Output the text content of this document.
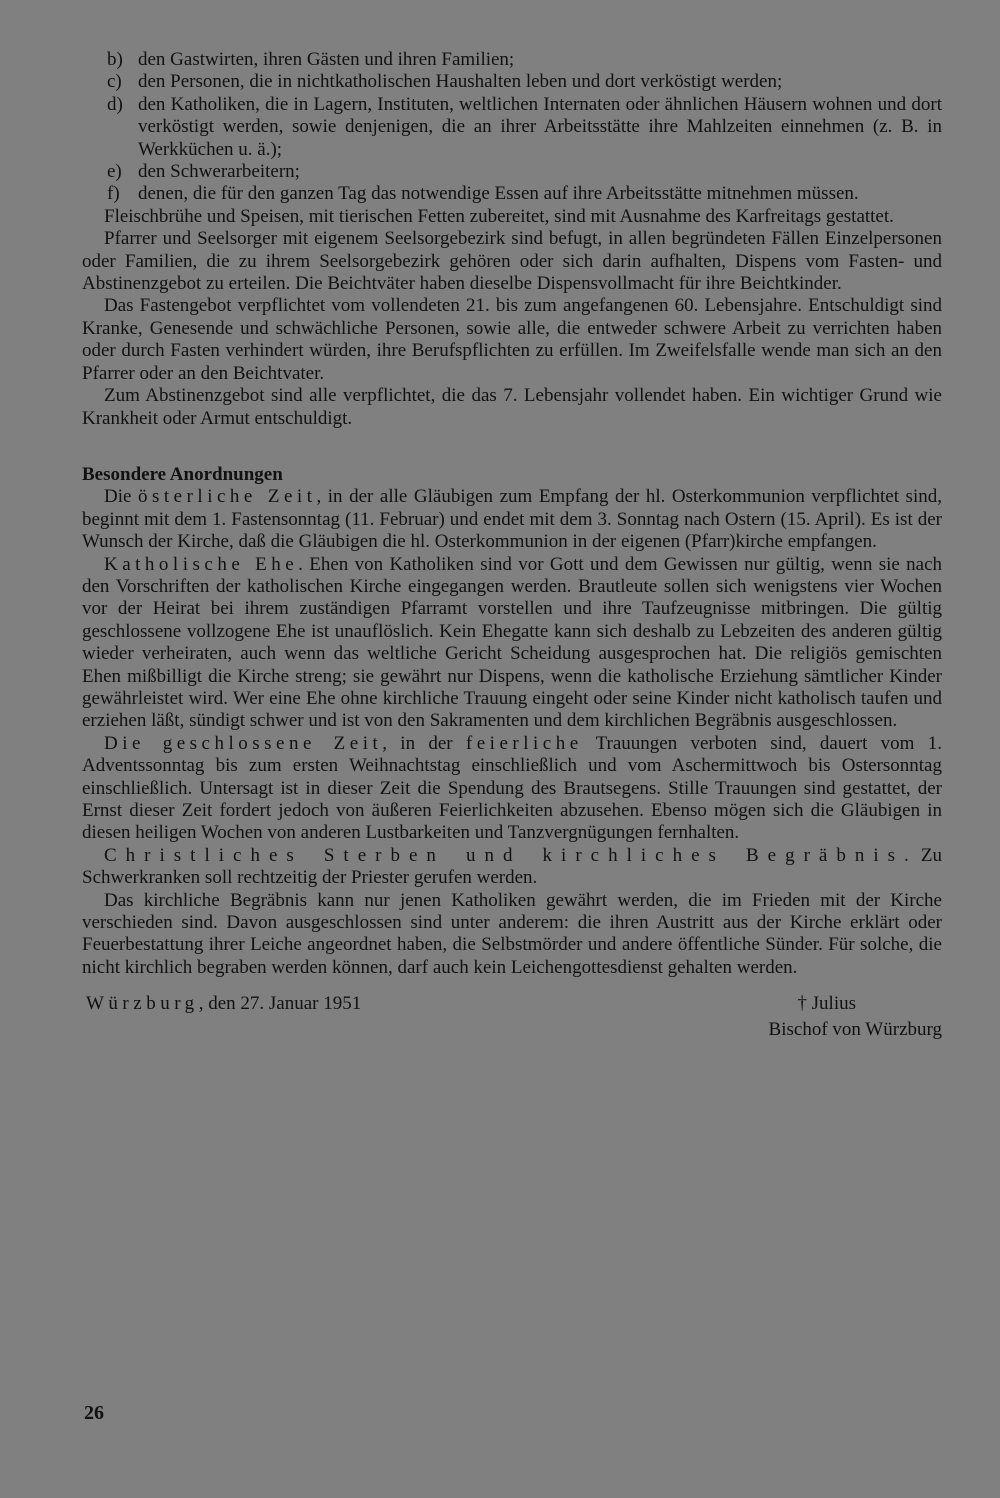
b) den Gastwirten, ihren Gästen und ihren Familien;
c) den Personen, die in nichtkatholischen Haushalten leben und dort verköstigt werden;
d) den Katholiken, die in Lagern, Instituten, weltlichen Internaten oder ähnlichen Häusern wohnen und dort verköstigt werden, sowie denjenigen, die an ihrer Arbeitsstätte ihre Mahlzeiten einnehmen (z. B. in Werkküchen u. ä.);
e) den Schwerarbeitern;
f) denen, die für den ganzen Tag das notwendige Essen auf ihre Arbeitsstätte mitnehmen müssen.

Fleischbrühe und Speisen, mit tierischen Fetten zubereitet, sind mit Ausnahme des Karfreitags gestattet.

Pfarrer und Seelsorger mit eigenem Seelsorgebezirk sind befugt, in allen begründeten Fällen Einzelpersonen oder Familien, die zu ihrem Seelsorgebezirk gehören oder sich darin aufhalten, Dispens vom Fasten- und Abstinenzgebot zu erteilen. Die Beichtväter haben dieselbe Dispensvollmacht für ihre Beichtkinder.

Das Fastengebot verpflichtet vom vollendeten 21. bis zum angefangenen 60. Lebensjahre. Entschuldigt sind Kranke, Genesende und schwächliche Personen, sowie alle, die entweder schwere Arbeit zu verrichten haben oder durch Fasten verhindert würden, ihre Berufspflichten zu erfüllen. Im Zweifelsfalle wende man sich an den Pfarrer oder an den Beichtvater.

Zum Abstinenzgebot sind alle verpflichtet, die das 7. Lebensjahr vollendet haben. Ein wichtiger Grund wie Krankheit oder Armut entschuldigt.

Besondere Anordnungen

Die österliche Zeit, in der alle Gläubigen zum Empfang der hl. Osterkommunion verpflichtet sind, beginnt mit dem 1. Fastensonntag (11. Februar) und endet mit dem 3. Sonntag nach Ostern (15. April). Es ist der Wunsch der Kirche, daß die Gläubigen die hl. Osterkommunion in der eigenen (Pfarr)kirche empfangen.

Katholische Ehe. Ehen von Katholiken sind vor Gott und dem Gewissen nur gültig, wenn sie nach den Vorschriften der katholischen Kirche eingegangen werden. Brautleute sollen sich wenigstens vier Wochen vor der Heirat bei ihrem zuständigen Pfarramt vorstellen und ihre Taufzeugnisse mitbringen. Die gültig geschlossene vollzogene Ehe ist unauflöslich. Kein Ehegatte kann sich deshalb zu Lebzeiten des anderen gültig wieder verheiraten, auch wenn das weltliche Gericht Scheidung ausgesprochen hat. Die religiös gemischten Ehen mißbilligt die Kirche streng; sie gewährt nur Dispens, wenn die katholische Erziehung sämtlicher Kinder gewährleistet wird. Wer eine Ehe ohne kirchliche Trauung eingeht oder seine Kinder nicht katholisch taufen und erziehen läßt, sündigt schwer und ist von den Sakramenten und dem kirchlichen Begräbnis ausgeschlossen.

Die geschlossene Zeit, in der feierliche Trauungen verboten sind, dauert vom 1. Adventssonntag bis zum ersten Weihnachtstag einschließlich und vom Aschermittwoch bis Ostersonntag einschließlich. Untersagt ist in dieser Zeit die Spendung des Brautsegens. Stille Trauungen sind gestattet, der Ernst dieser Zeit fordert jedoch von äußeren Feierlichkeiten abzusehen. Ebenso mögen sich die Gläubigen in diesen heiligen Wochen von anderen Lustbarkeiten und Tanzvergnügungen fernhalten.

Christliches Sterben und kirchliches Begräbnis. Zu Schwerkranken soll rechtzeitig der Priester gerufen werden.

Das kirchliche Begräbnis kann nur jenen Katholiken gewährt werden, die im Frieden mit der Kirche verschieden sind. Davon ausgeschlossen sind unter anderem: die ihren Austritt aus der Kirche erklärt oder Feuerbestattung ihrer Leiche angeordnet haben, die Selbstmörder und andere öffentliche Sünder. Für solche, die nicht kirchlich begraben werden können, darf auch kein Leichengottesdienst gehalten werden.

Würzburg, den 27. Januar 1951	† Julius
Bischof von Würzburg
26
